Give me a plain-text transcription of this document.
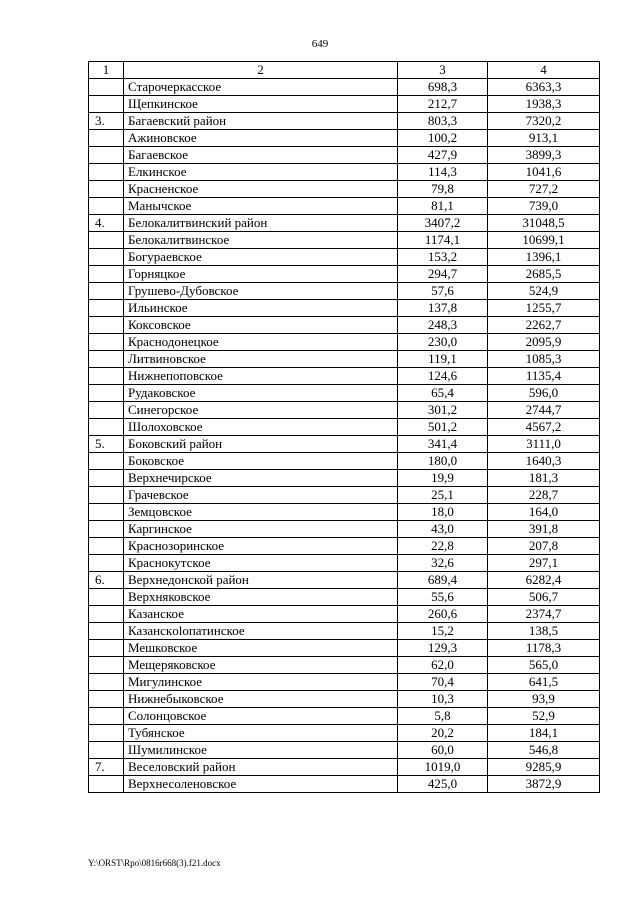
649
1	2	3	4
	Старочеркасское	698,3	6363,3
	Щепкинское	212,7	1938,3
3.	Багаевский район	803,3	7320,2
	Ажиновское	100,2	913,1
	Багаевское	427,9	3899,3
	Елкинское	114,3	1041,6
	Красненское	79,8	727,2
	Манычское	81,1	739,0
4.	Белокалитвинский район	3407,2	31048,5
	Белокалитвинское	1174,1	10699,1
	Богураевское	153,2	1396,1
	Горняцкое	294,7	2685,5
	Грушево-Дубовское	57,6	524,9
	Ильинское	137,8	1255,7
	Коксовское	248,3	2262,7
	Краснодонецкое	230,0	2095,9
	Литвиновское	119,1	1085,3
	Нижнепоповское	124,6	1135,4
	Рудаковское	65,4	596,0
	Синегорское	301,2	2744,7
	Шолоховское	501,2	4567,2
5.	Боковский район	341,4	3111,0
	Боковское	180,0	1640,3
	Верхнечирское	19,9	181,3
	Грачевское	25,1	228,7
	Земцовское	18,0	164,0
	Каргинское	43,0	391,8
	Краснозоринское	22,8	207,8
	Краснокутское	32,6	297,1
6.	Верхнедонской район	689,4	6282,4
	Верхняковское	55,6	506,7
	Казанское	260,6	2374,7
	Казанскolопатинское	15,2	138,5
	Мешковское	129,3	1178,3
	Мещеряковское	62,0	565,0
	Мигулинское	70,4	641,5
	Нижнебыковское	10,3	93,9
	Солонцовское	5,8	52,9
	Тубянское	20,2	184,1
	Шумилинское	60,0	546,8
7.	Веселовский район	1019,0	9285,9
	Верхнесоленовское	425,0	3872,9
Y:\ORST\Rpo\0816r668(3).f21.docx
